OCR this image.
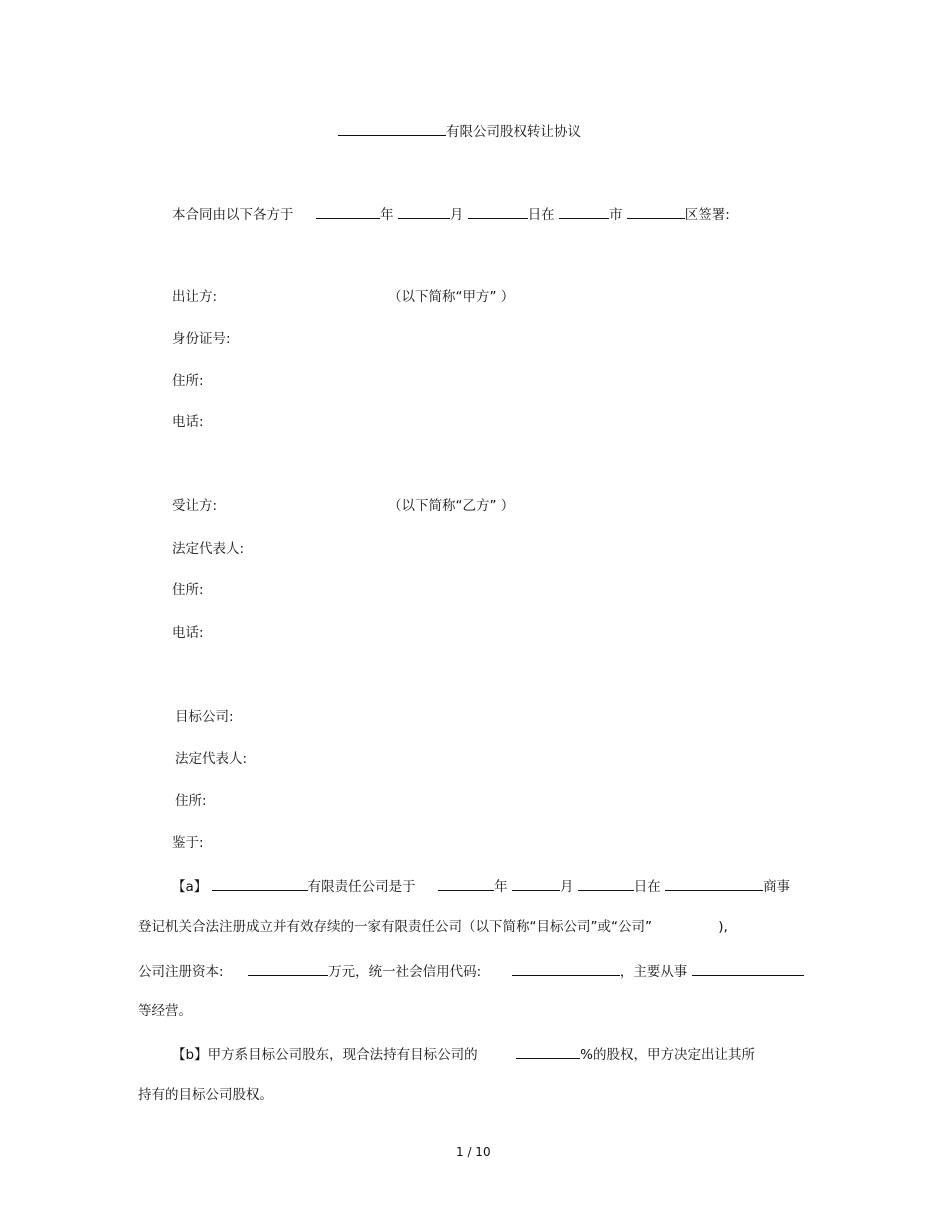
有限公司股权转让协议
本合同由以下各方于	年	月	日在	市	区签署:
出让方:	（以下简称“甲方” ）
身份证号:
住所:
电话:
受让方:	（以下简称“乙方” ）
法定代表人:
住所:
电话:
目标公司:
法定代表人:
住所:
鉴于:
【a】	有限责任公司是于	年	月	日在	商事
登记机关合法注册成立并有效存续的一家有限责任公司（以下简称“目标公司”或“公司”	),
公司注册资本:	万元，统一社会信用代码:	，主要从事
等经营。
【b】甲方系目标公司股东，现合法持有目标公司的	%的股权，甲方决定出让其所
持有的目标公司股权。
1 / 10
